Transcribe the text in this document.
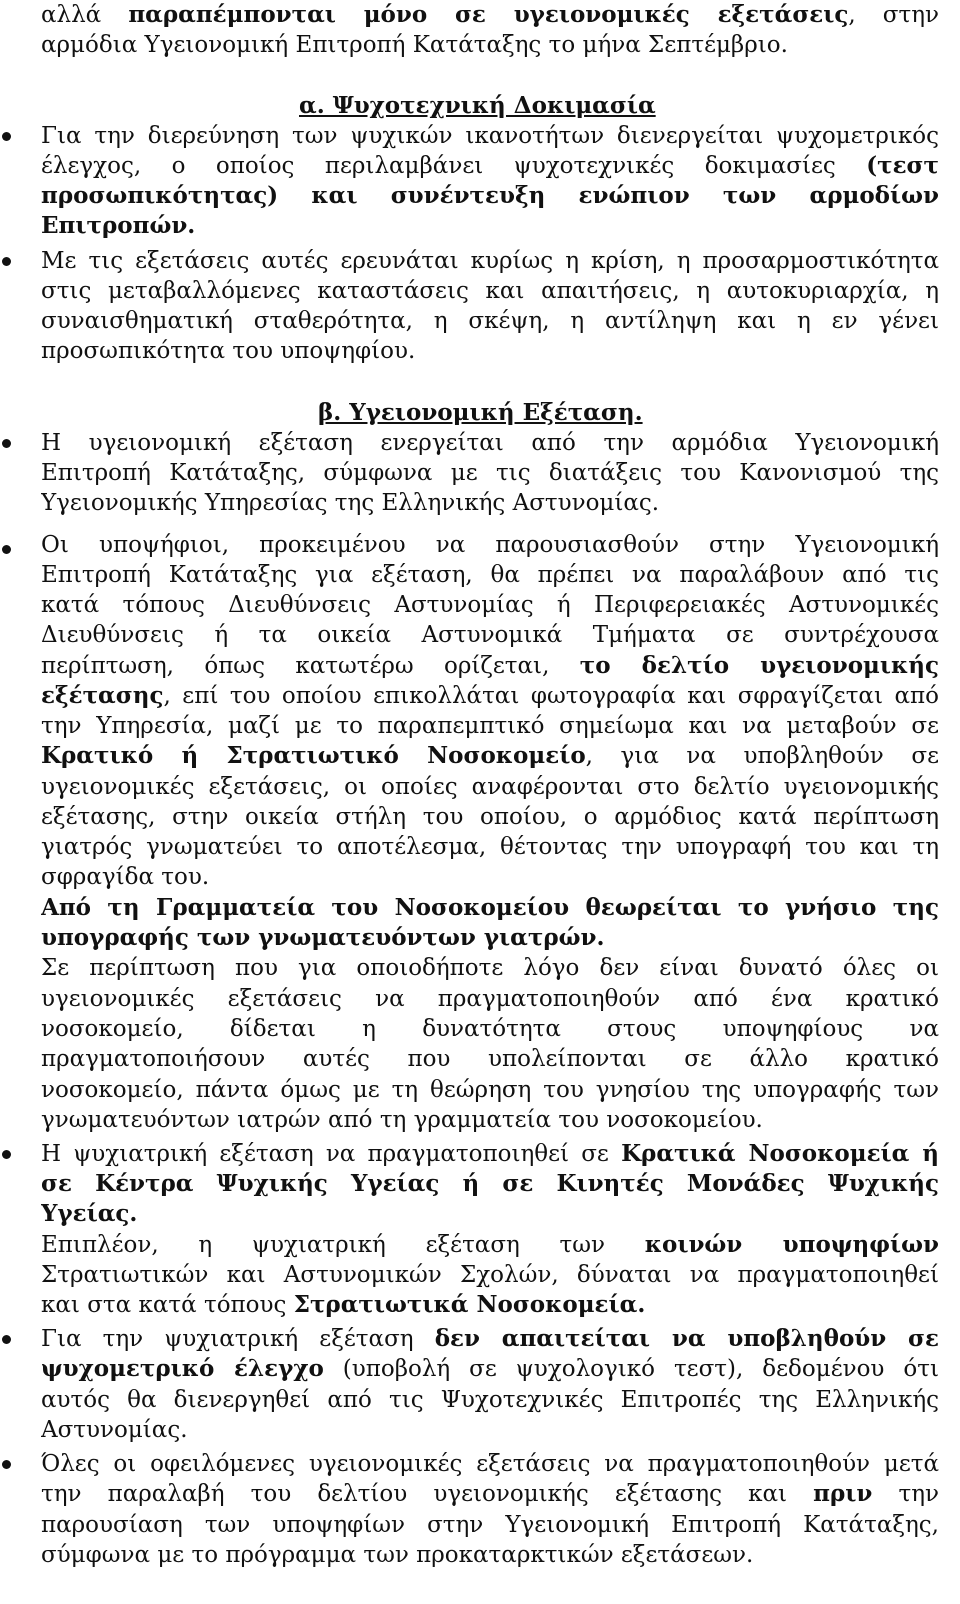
αλλά παραπέμπονται μόνο σε υγειονομικές εξετάσεις, στην
αρμόδια Υγειονομική Επιτροπή Κατάταξης το μήνα Σεπτέμβριο.
α. Ψυχοτεχνική Δοκιμασία
Για την διερεύνηση των ψυχικών ικανοτήτων διενεργείται ψυχομετρικός
έλεγχος, ο οποίος περιλαμβάνει ψυχοτεχνικές δοκιμασίες (τεστ
προσωπικότητας) και συνέντευξη ενώπιον των αρμοδίων
Επιτροπών.
Με τις εξετάσεις αυτές ερευνάται κυρίως η κρίση, η προσαρμοστικότητα
στις μεταβαλλόμενες καταστάσεις και απαιτήσεις, η αυτοκυριαρχία, η
συναισθηματική σταθερότητα, η σκέψη, η αντίληψη και η εν γένει
προσωπικότητα του υποψηφίου.
β. Υγειονομική Εξέταση.
Η υγειονομική εξέταση ενεργείται από την αρμόδια Υγειονομική
Επιτροπή Κατάταξης, σύμφωνα με τις διατάξεις του Κανονισμού της
Υγειονομικής Υπηρεσίας της Ελληνικής Αστυνομίας.
Οι υποψήφιοι, προκειμένου να παρουσιασθούν στην Υγειονομική
Επιτροπή Κατάταξης για εξέταση, θα πρέπει να παραλάβουν από τις
κατά τόπους Διευθύνσεις Αστυνομίας ή Περιφερειακές Αστυνομικές
Διευθύνσεις ή τα οικεία Αστυνομικά Τμήματα σε συντρέχουσα
περίπτωση, όπως κατωτέρω ορίζεται, το δελτίο υγειονομικής
εξέτασης, επί του οποίου επικολλάται φωτογραφία και σφραγίζεται από
την Υπηρεσία, μαζί με το παραπεμπτικό σημείωμα και να μεταβούν σε
Κρατικό ή Στρατιωτικό Νοσοκομείο, για να υποβληθούν σε
υγειονομικές εξετάσεις, οι οποίες αναφέρονται στο δελτίο υγειονομικής
εξέτασης, στην οικεία στήλη του οποίου, ο αρμόδιος κατά περίπτωση
γιατρός γνωματεύει το αποτέλεσμα, θέτοντας την υπογραφή του και τη
σφραγίδα του.
Από τη Γραμματεία του Νοσοκομείου θεωρείται το γνήσιο της
υπογραφής των γνωματευόντων γιατρών.
Σε περίπτωση που για οποιοδήποτε λόγο δεν είναι δυνατό όλες οι
υγειονομικές εξετάσεις να πραγματοποιηθούν από ένα κρατικό
νοσοκομείο, δίδεται η δυνατότητα στους υποψηφίους να
πραγματοποιήσουν αυτές που υπολείπονται σε άλλο κρατικό
νοσοκομείο, πάντα όμως με τη θεώρηση του γνησίου της υπογραφής των
γνωματευόντων ιατρών από τη γραμματεία του νοσοκομείου.
Η ψυχιατρική εξέταση να πραγματοποιηθεί σε Κρατικά Νοσοκομεία ή
σε Κέντρα Ψυχικής Υγείας ή σε Κινητές Μονάδες Ψυχικής
Υγείας.
Επιπλέον, η ψυχιατρική εξέταση των κοινών υποψηφίων
Στρατιωτικών και Αστυνομικών Σχολών, δύναται να πραγματοποιηθεί
και στα κατά τόπους Στρατιωτικά Νοσοκομεία.
Για την ψυχιατρική εξέταση δεν απαιτείται να υποβληθούν σε
ψυχομετρικό έλεγχο (υποβολή σε ψυχολογικό τεστ), δεδομένου ότι
αυτός θα διενεργηθεί από τις Ψυχοτεχνικές Επιτροπές της Ελληνικής
Αστυνομίας.
Όλες οι οφειλόμενες υγειονομικές εξετάσεις να πραγματοποιηθούν μετά
την παραλαβή του δελτίου υγειονομικής εξέτασης και πριν την
παρουσίαση των υποψηφίων στην Υγειονομική Επιτροπή Κατάταξης,
σύμφωνα με το πρόγραμμα των προκαταρκτικών εξετάσεων.
